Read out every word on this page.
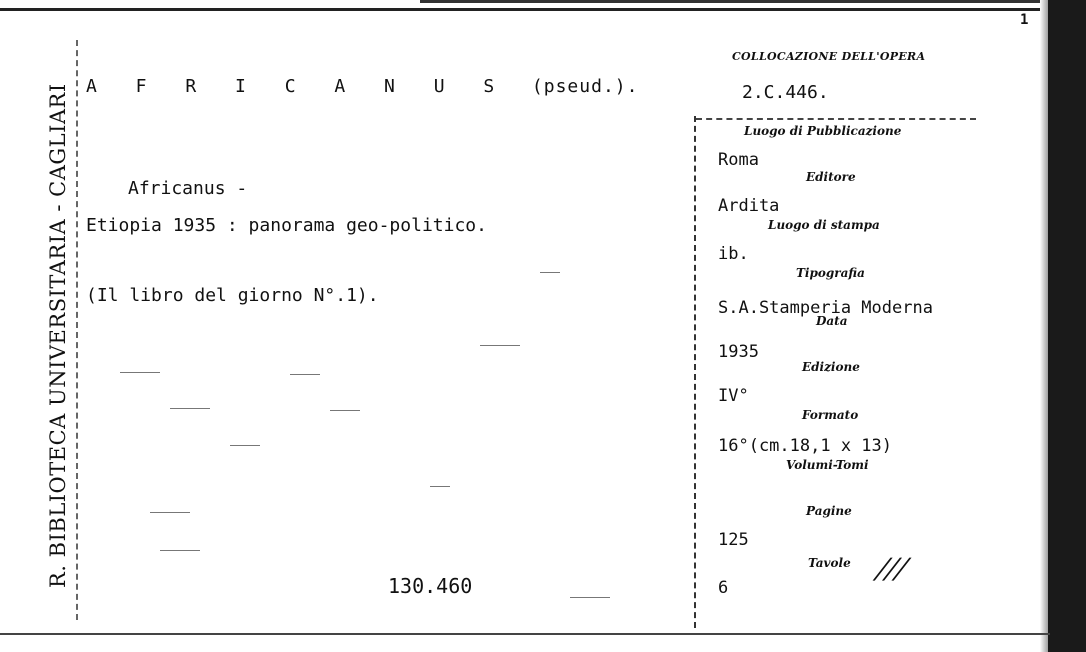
1
R. BIBLIOTECA UNIVERSITARIA - CAGLIARI A F R I C A N U S (pseud.).
Africanus -
Etiopia 1935 : panorama geo-politico.
(Il libro del giorno N°.1).
130.460
COLLOCAZIONE DELL'OPERA
2.C.446.
Luogo di Pubblicazione
Roma
Editore
Ardita
Luogo di stampa
ib.
Tipografia
S.A.Stamperia Moderna
Data
1935
Edizione
IV°
Formato
16°(cm.18,1 x 13)
Volumi-Tomi
Pagine
125
Tavole
6
///
